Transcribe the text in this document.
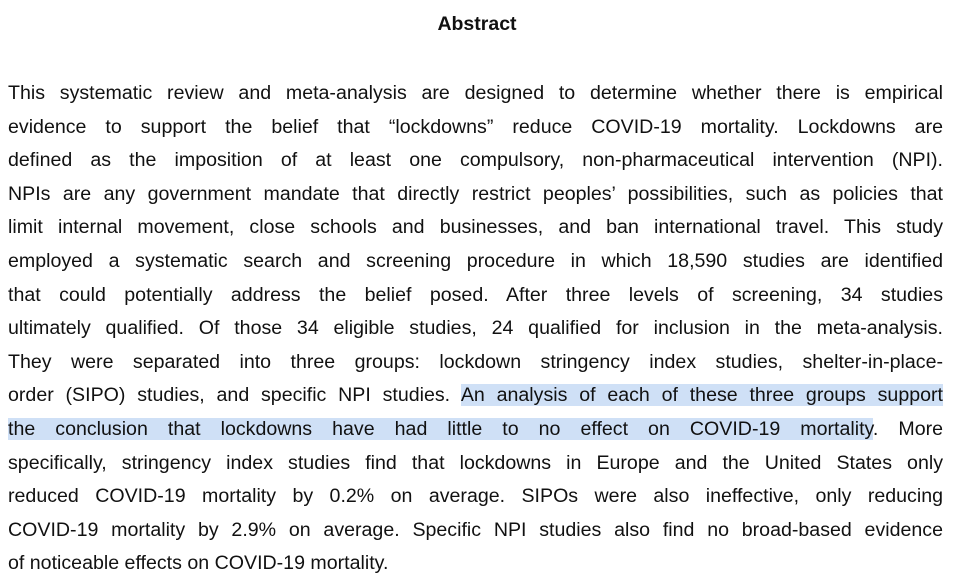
Abstract
This systematic review and meta-analysis are designed to determine whether there is empirical
evidence to support the belief that “lockdowns” reduce COVID-19 mortality. Lockdowns are
defined as the imposition of at least one compulsory, non-pharmaceutical intervention (NPI).
NPIs are any government mandate that directly restrict peoples’ possibilities, such as policies that
limit internal movement, close schools and businesses, and ban international travel. This study
employed a systematic search and screening procedure in which 18,590 studies are identified
that could potentially address the belief posed. After three levels of screening, 34 studies
ultimately qualified. Of those 34 eligible studies, 24 qualified for inclusion in the meta-analysis.
They were separated into three groups: lockdown stringency index studies, shelter-in-place-
order (SIPO) studies, and specific NPI studies. An analysis of each of these three groups support
the conclusion that lockdowns have had little to no effect on COVID-19 mortality. More
specifically, stringency index studies find that lockdowns in Europe and the United States only
reduced COVID-19 mortality by 0.2% on average. SIPOs were also ineffective, only reducing
COVID-19 mortality by 2.9% on average. Specific NPI studies also find no broad-based evidence
of noticeable effects on COVID-19 mortality.
